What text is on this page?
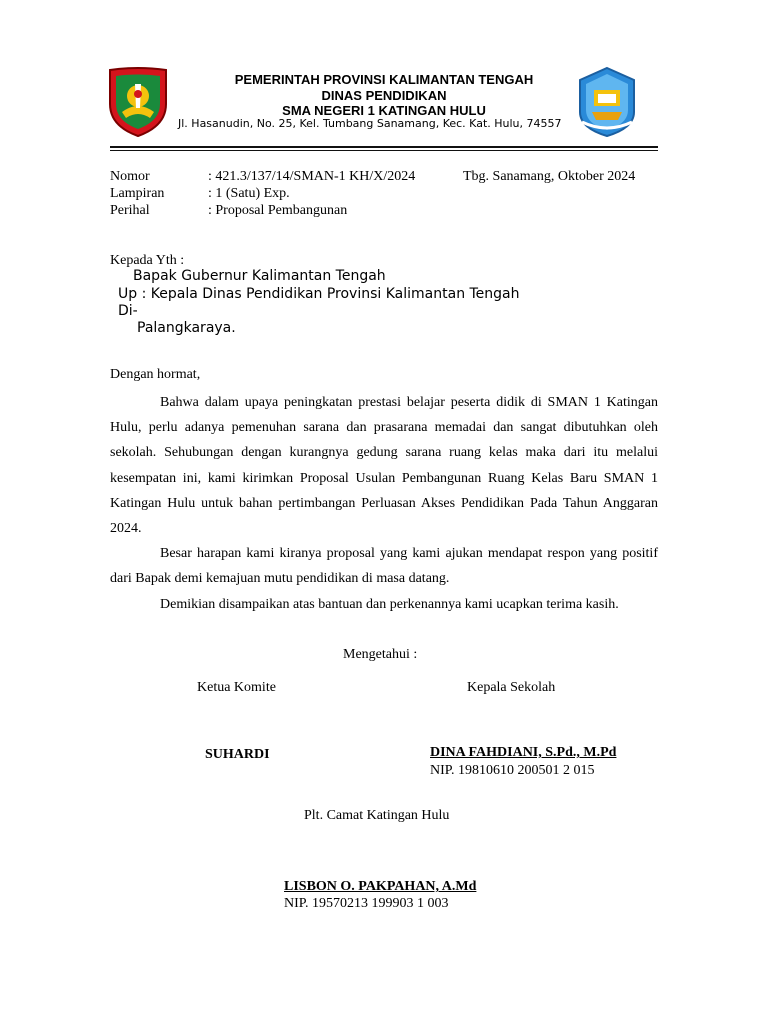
PEMERINTAH PROVINSI KALIMANTAN TENGAH
DINAS PENDIDIKAN
SMA NEGERI 1 KATINGAN HULU
Jl. Hasanudin, No. 25, Kel. Tumbang Sanamang, Kec. Kat. Hulu, 74557
Nomor	: 421.3/137/14/SMAN-1 KH/X/2024	Tbg. Sanamang, Oktober 2024
Lampiran	: 1 (Satu) Exp.
Perihal	: Proposal Pembangunan
Kepada Yth :
Bapak Gubernur Kalimantan Tengah
Up : Kepala Dinas Pendidikan Provinsi Kalimantan Tengah
Di-
Palangkaraya.
Dengan hormat,
Bahwa dalam upaya peningkatan prestasi belajar peserta didik di SMAN 1 Katingan Hulu, perlu adanya pemenuhan sarana dan prasarana memadai dan sangat dibutuhkan oleh sekolah. Sehubungan dengan kurangnya gedung sarana ruang kelas maka dari itu melalui kesempatan ini, kami kirimkan Proposal Usulan Pembangunan Ruang Kelas Baru SMAN 1 Katingan Hulu untuk bahan pertimbangan Perluasan Akses Pendidikan Pada Tahun Anggaran 2024.
Besar harapan kami kiranya proposal yang kami ajukan mendapat respon yang positif dari Bapak demi kemajuan mutu pendidikan di masa datang.
Demikian disampaikan atas bantuan dan perkenannya kami ucapkan terima kasih.
Mengetahui :
Ketua Komite	Kepala Sekolah
SUHARDI	DINA FAHDIANI, S.Pd., M.Pd
NIP. 19810610 200501 2 015
Plt. Camat Katingan Hulu
LISBON O. PAKPAHAN, A.Md
NIP. 19570213 199903 1 003
